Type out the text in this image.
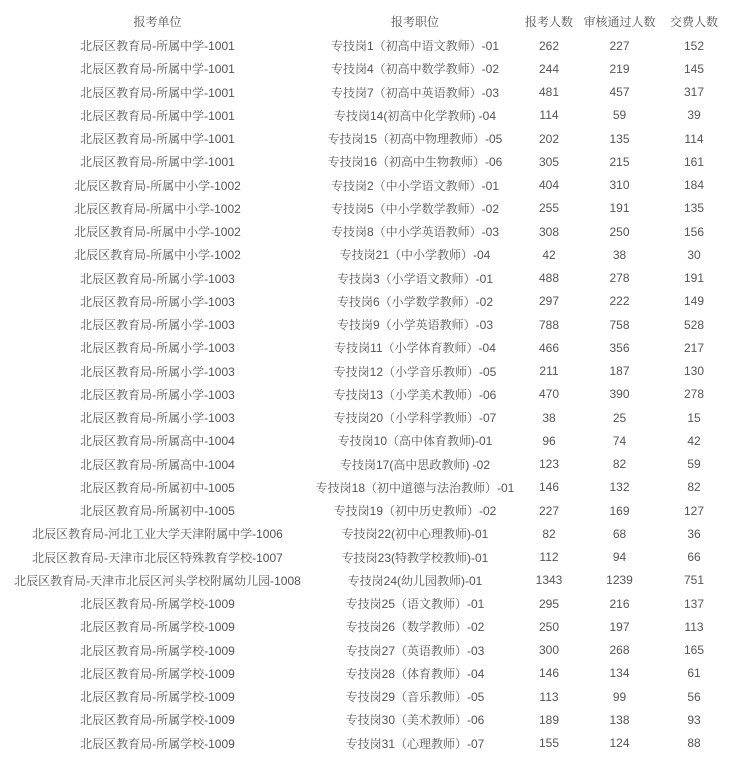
报考单位	报考职位	报考人数	审核通过人数	交费人数
北辰区教育局-所属中学-1001	专技岗1（初高中语文教师）-01	262	227	152
北辰区教育局-所属中学-1001	专技岗4（初高中数学教师）-02	244	219	145
北辰区教育局-所属中学-1001	专技岗7（初高中英语教师）-03	481	457	317
北辰区教育局-所属中学-1001	专技岗14(初高中化学教师) -04	114	59	39
北辰区教育局-所属中学-1001	专技岗15（初高中物理教师）-05	202	135	114
北辰区教育局-所属中学-1001	专技岗16（初高中生物教师）-06	305	215	161
北辰区教育局-所属中小学-1002	专技岗2（中小学语文教师）-01	404	310	184
北辰区教育局-所属中小学-1002	专技岗5（中小学数学教师）-02	255	191	135
北辰区教育局-所属中小学-1002	专技岗8（中小学英语教师）-03	308	250	156
北辰区教育局-所属中小学-1002	专技岗21（中小学教师）-04	42	38	30
北辰区教育局-所属小学-1003	专技岗3（小学语文教师）-01	488	278	191
北辰区教育局-所属小学-1003	专技岗6（小学数学教师）-02	297	222	149
北辰区教育局-所属小学-1003	专技岗9（小学英语教师）-03	788	758	528
北辰区教育局-所属小学-1003	专技岗11（小学体育教师）-04	466	356	217
北辰区教育局-所属小学-1003	专技岗12（小学音乐教师）-05	211	187	130
北辰区教育局-所属小学-1003	专技岗13（小学美术教师）-06	470	390	278
北辰区教育局-所属小学-1003	专技岗20（小学科学教师）-07	38	25	15
北辰区教育局-所属高中-1004	专技岗10（高中体育教师)-01	96	74	42
北辰区教育局-所属高中-1004	专技岗17(高中思政教师) -02	123	82	59
北辰区教育局-所属初中-1005	专技岗18（初中道德与法治教师）-01	146	132	82
北辰区教育局-所属初中-1005	专技岗19（初中历史教师）-02	227	169	127
北辰区教育局-河北工业大学天津附属中学-1006	专技岗22(初中心理教师)-01	82	68	36
北辰区教育局-天津市北辰区特殊教育学校-1007	专技岗23(特教学校教师)-01	112	94	66
北辰区教育局-天津市北辰区河头学校附属幼儿园-1008	专技岗24(幼儿园教师)-01	1343	1239	751
北辰区教育局-所属学校-1009	专技岗25（语文教师）-01	295	216	137
北辰区教育局-所属学校-1009	专技岗26（数学教师）-02	250	197	113
北辰区教育局-所属学校-1009	专技岗27（英语教师）-03	300	268	165
北辰区教育局-所属学校-1009	专技岗28（体育教师）-04	146	134	61
北辰区教育局-所属学校-1009	专技岗29（音乐教师）-05	113	99	56
北辰区教育局-所属学校-1009	专技岗30（美术教师）-06	189	138	93
北辰区教育局-所属学校-1009	专技岗31（心理教师）-07	155	124	88
